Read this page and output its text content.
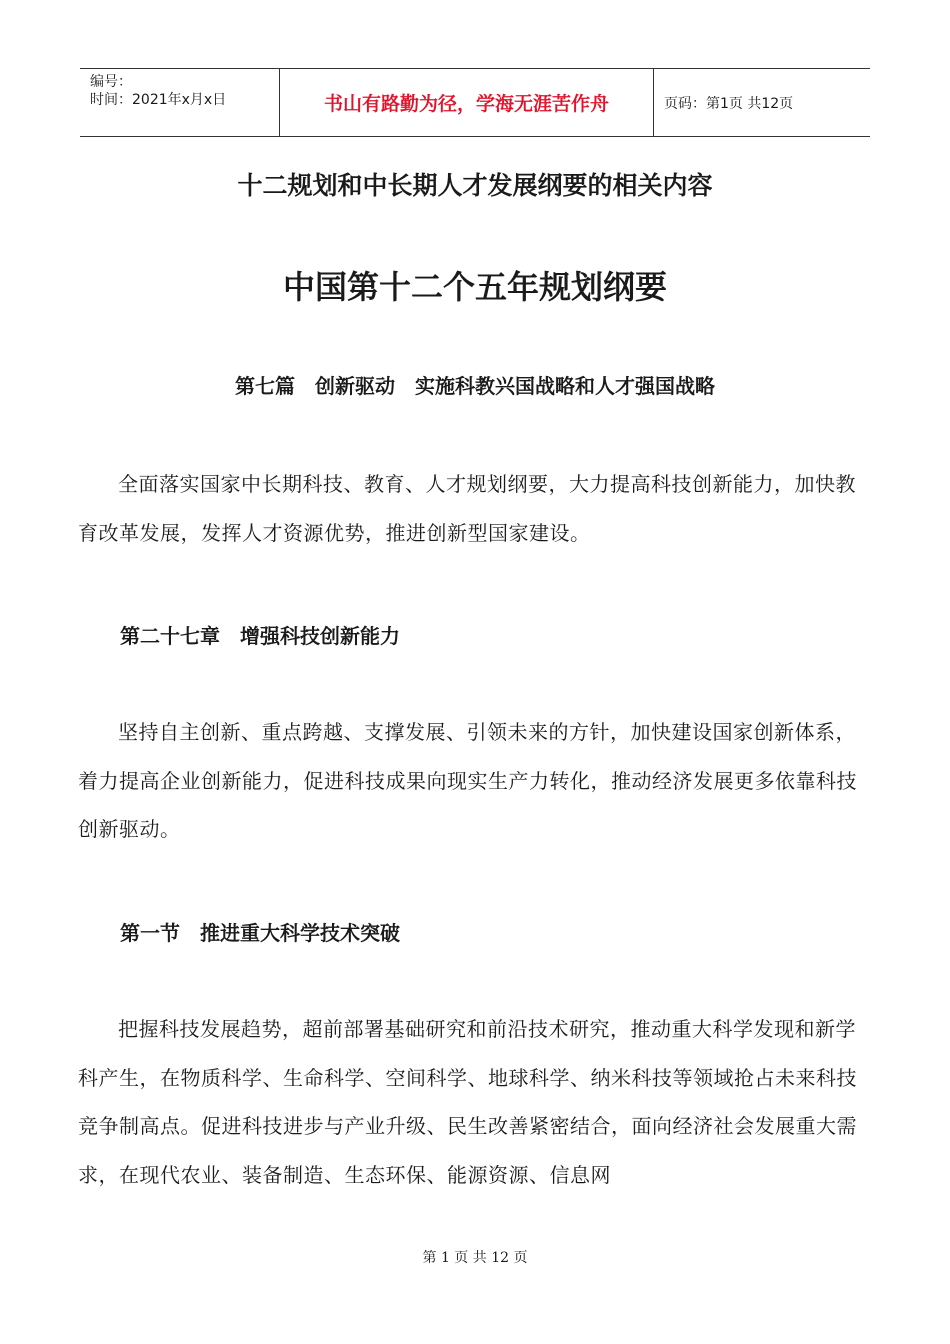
编号：
时间：2021年x月x日	书山有路勤为径，学海无涯苦作舟	页码：第1页 共12页
十二规划和中长期人才发展纲要的相关内容
中国第十二个五年规划纲要
第七篇　创新驱动　实施科教兴国战略和人才强国战略

全面落实国家中长期科技、教育、人才规划纲要，大力提高科技创新能力，加快教育改革发展，发挥人才资源优势，推进创新型国家建设。

第二十七章　增强科技创新能力

坚持自主创新、重点跨越、支撑发展、引领未来的方针，加快建设国家创新体系，着力提高企业创新能力，促进科技成果向现实生产力转化，推动经济发展更多依靠科技创新驱动。

第一节　推进重大科学技术突破

把握科技发展趋势，超前部署基础研究和前沿技术研究，推动重大科学发现和新学科产生，在物质科学、生命科学、空间科学、地球科学、纳米科技等领域抢占未来科技竞争制高点。促进科技进步与产业升级、民生改善紧密结合，面向经济社会发展重大需求，在现代农业、装备制造、生态环保、能源资源、信息网

第 1 页 共 12 页
